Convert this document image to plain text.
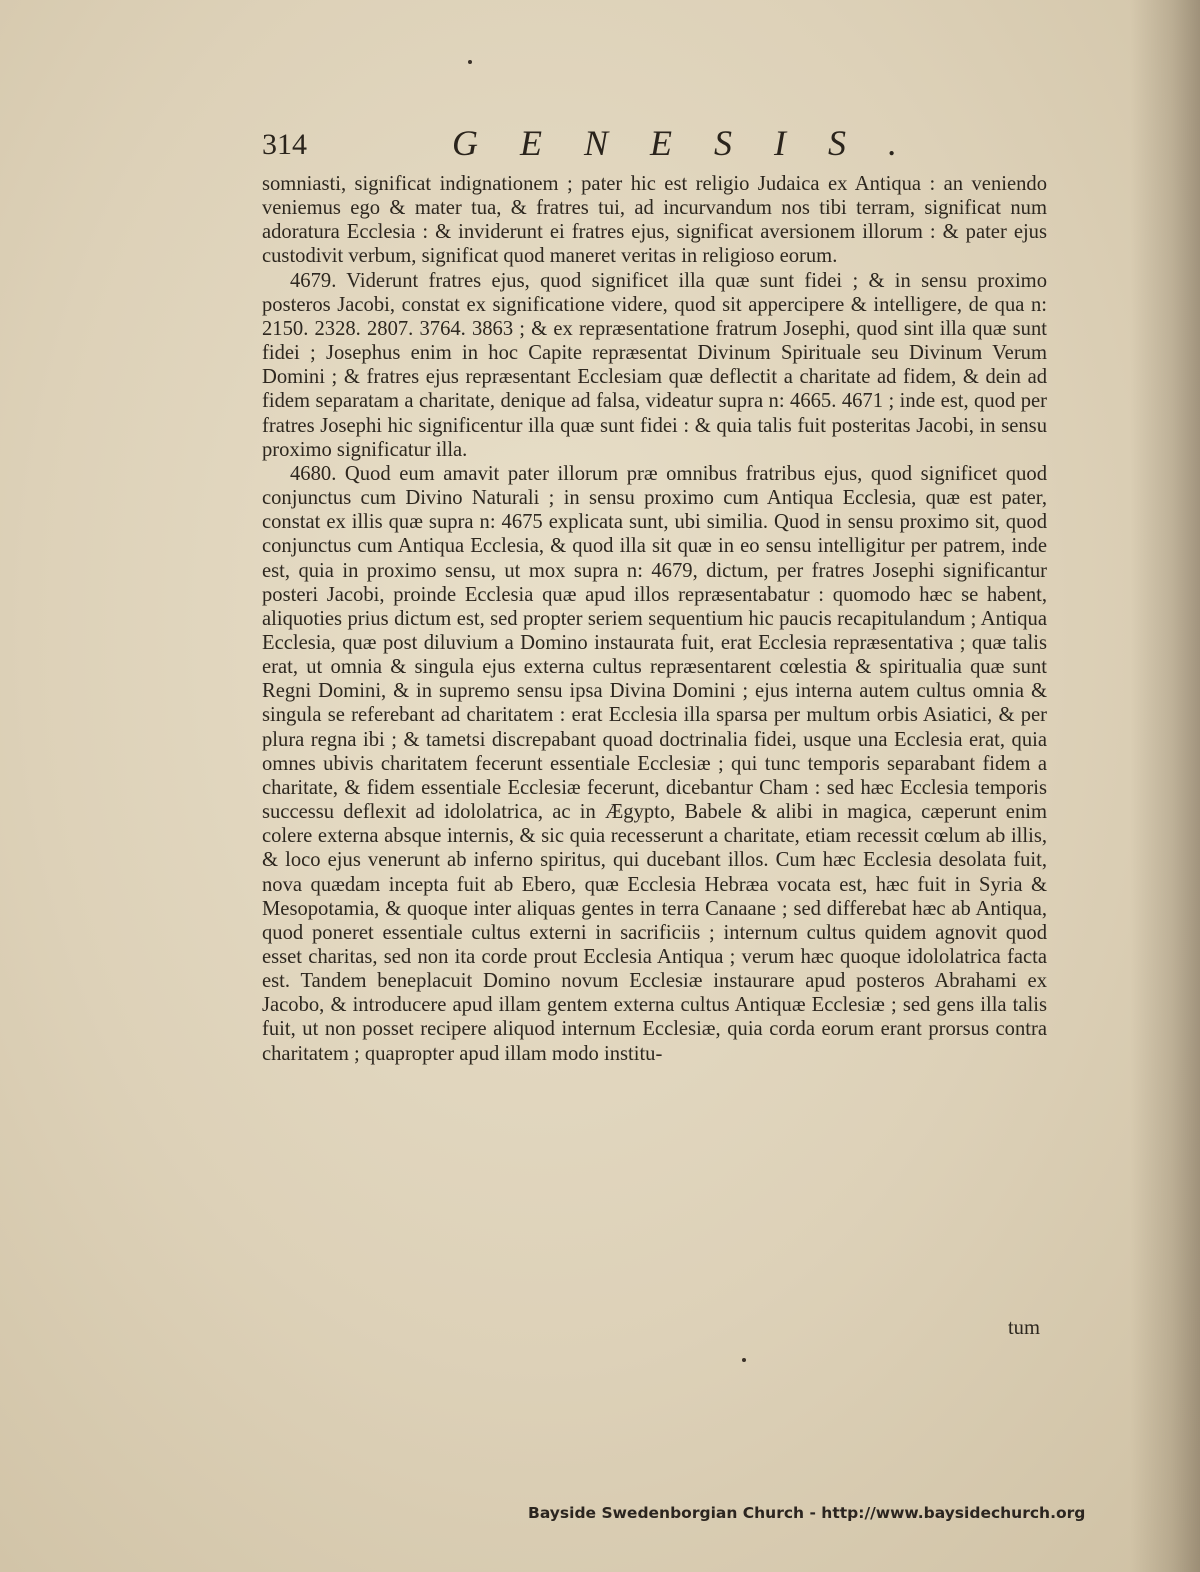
314	GENESIS.

somniasti, significat indignationem ; pater hic est religio Judaica ex Antiqua : an veniendo veniemus ego & mater tua, & fratres tui, ad incurvandum nos tibi terram, significat num adoratura Ecclesia : & inviderunt ei fratres ejus, significat aversionem illorum : & pater ejus custodivit verbum, significat quod maneret veritas in religioso eorum.

4679. Viderunt fratres ejus, quod significet illa quæ sunt fidei ; & in sensu proximo posteros Jacobi, constat ex significatione videre, quod sit appercipere & intelligere, de qua n: 2150. 2328. 2807. 3764. 3863 ; & ex repræsentatione fratrum Josephi, quod sint illa quæ sunt fidei ; Josephus enim in hoc Capite repræsentat Divinum Spirituale seu Divinum Verum Domini ; & fratres ejus repræsentant Ecclesiam quæ deflectit a charitate ad fidem, & dein ad fidem separatam a charitate, denique ad falsa, videatur supra n: 4665. 4671 ; inde est, quod per fratres Josephi hic significentur illa quæ sunt fidei : & quia talis fuit posteritas Jacobi, in sensu proximo significatur illa.

4680. Quod eum amavit pater illorum præ omnibus fratribus ejus, quod significet quod conjunctus cum Divino Naturali ; in sensu proximo cum Antiqua Ecclesia, quæ est pater, constat ex illis quæ supra n: 4675 explicata sunt, ubi similia. Quod in sensu proximo sit, quod conjunctus cum Antiqua Ecclesia, & quod illa sit quæ in eo sensu intelligitur per patrem, inde est, quia in proximo sensu, ut mox supra n: 4679, dictum, per fratres Josephi significantur posteri Jacobi, proinde Ecclesia quæ apud illos repræsentabatur : quomodo hæc se habent, aliquoties prius dictum est, sed propter seriem sequentium hic paucis recapitulandum ; Antiqua Ecclesia, quæ post diluvium a Domino instaurata fuit, erat Ecclesia repræsentativa ; quæ talis erat, ut omnia & singula ejus externa cultus repræsentarent cœlestia & spiritualia quæ sunt Regni Domini, & in supremo sensu ipsa Divina Domini ; ejus interna autem cultus omnia & singula se referebant ad charitatem : erat Ecclesia illa sparsa per multum orbis Asiatici, & per plura regna ibi ; & tametsi discrepabant quoad doctrinalia fidei, usque una Ecclesia erat, quia omnes ubivis charitatem fecerunt essentiale Ecclesiæ ; qui tunc temporis separabant fidem a charitate, & fidem essentiale Ecclesiæ fecerunt, dicebantur Cham : sed hæc Ecclesia temporis successu deflexit ad idololatrica, ac in Ægypto, Babele & alibi in magica, cæperunt enim colere externa absque internis, & sic quia recesserunt a charitate, etiam recessit cœlum ab illis, & loco ejus venerunt ab inferno spiritus, qui ducebant illos. Cum hæc Ecclesia desolata fuit, nova quædam incepta fuit ab Ebero, quæ Ecclesia Hebræa vocata est, hæc fuit in Syria & Mesopotamia, & quoque inter aliquas gentes in terra Canaane ; sed differebat hæc ab Antiqua, quod poneret essentiale cultus externi in sacrificiis ; internum cultus quidem agnovit quod esset charitas, sed non ita corde prout Ecclesia Antiqua ; verum hæc quoque idololatrica facta est. Tandem beneplacuit Domino novum Ecclesiæ instaurare apud posteros Abrahami ex Jacobo, & introducere apud illam gentem externa cultus Antiquæ Ecclesiæ ; sed gens illa talis fuit, ut non posset recipere aliquod internum Ecclesiæ, quia corda eorum erant prorsus contra charitatem ; quapropter apud illam modo institu-

tum
Bayside Swedenborgian Church - http://www.baysidechurch.org
